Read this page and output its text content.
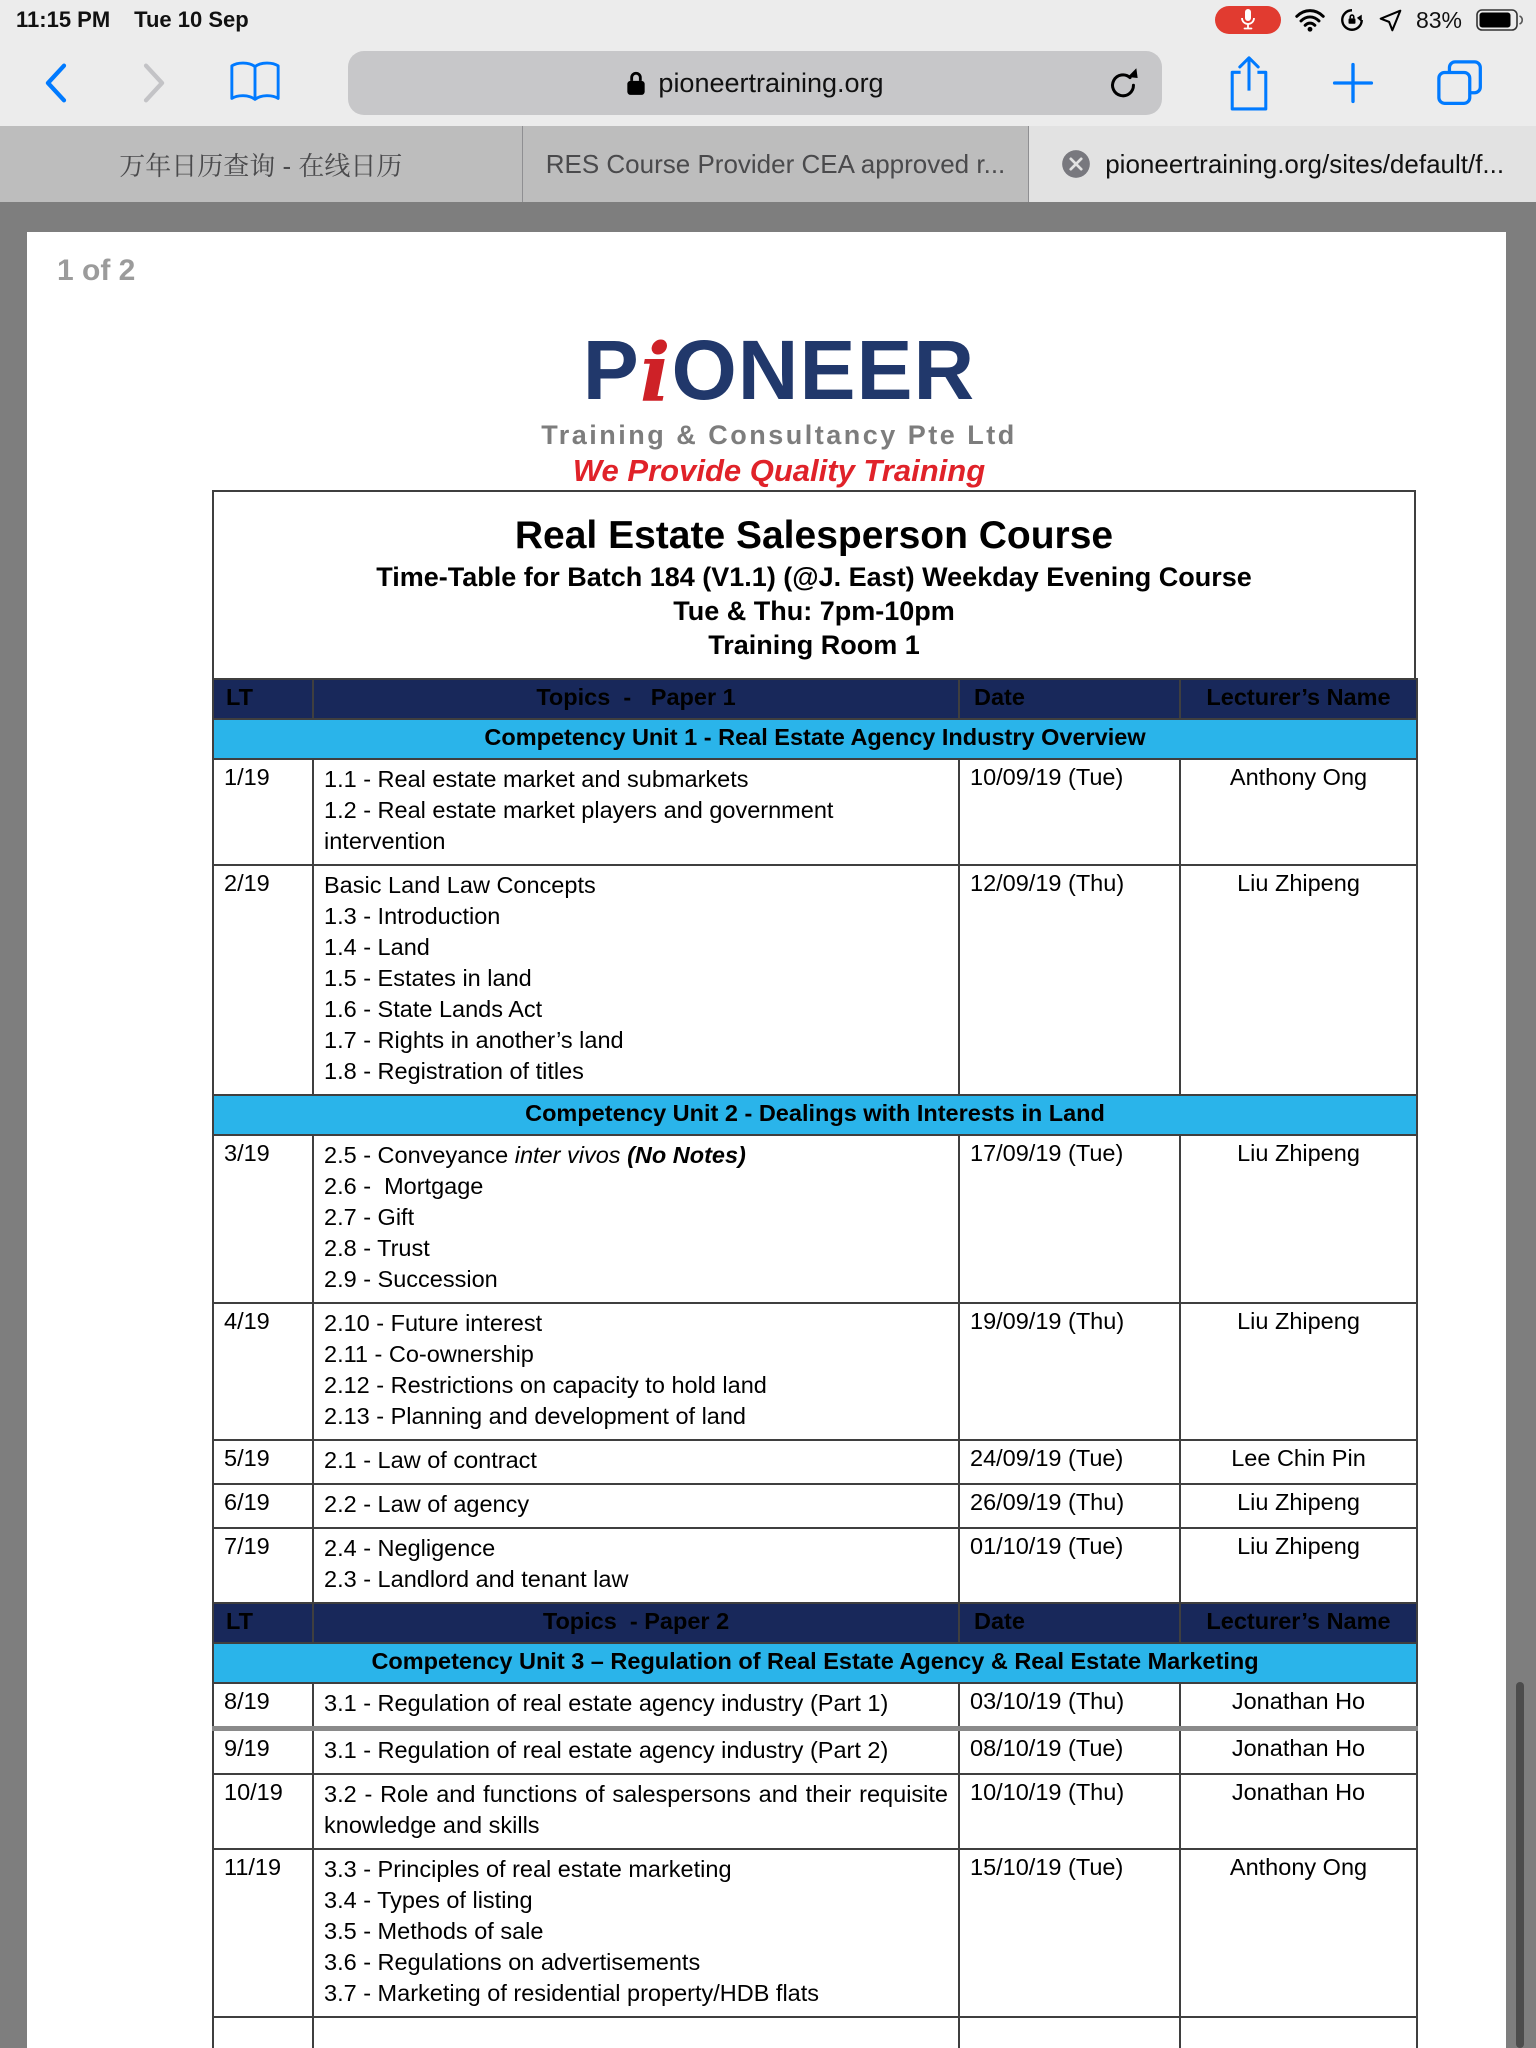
11:15 PM Tue 10 Sep	83%
pioneertraining.org
万年日历查询 - 在线日历	RES Course Provider CEA approved r...	pioneertraining.org/sites/default/f...
1 of 2
PiONEER
Training & Consultancy Pte Ltd
We Provide Quality Training
Real Estate Salesperson Course
Time-Table for Batch 184 (V1.1) (@J. East) Weekday Evening Course
Tue & Thu: 7pm-10pm
Training Room 1
LT	Topics  -   Paper 1	Date	Lecturer’s Name
Competency Unit 1 - Real Estate Agency Industry Overview			
1/19	1.1 - Real estate market and submarkets
1.2 - Real estate market players and government intervention	10/09/19 (Tue)	Anthony Ong
2/19	Basic Land Law Concepts
1.3 - Introduction
1.4 - Land
1.5 - Estates in land
1.6 - State Lands Act
1.7 - Rights in another’s land
1.8 - Registration of titles
	12/09/19 (Thu)	Liu Zhipeng
Competency Unit 2 - Dealings with Interests in Land			
3/19	2.5 - Conveyance inter vivos (No Notes)
2.6 -  Mortgage
2.7 - Gift
2.8 - Trust
2.9 - Succession	17/09/19 (Tue)	Liu Zhipeng
4/19	2.10 - Future interest
2.11 - Co-ownership
2.12 - Restrictions on capacity to hold land
2.13 - Planning and development of land	19/09/19 (Thu)	Liu Zhipeng
5/19	2.1 - Law of contract	24/09/19 (Tue)	Lee Chin Pin
6/19	2.2 - Law of agency	26/09/19 (Thu)	Liu Zhipeng
7/19	2.4 - Negligence
2.3 - Landlord and tenant law	01/10/19 (Tue)	Liu Zhipeng
LT	Topics  - Paper 2	Date	Lecturer’s Name
Competency Unit 3 – Regulation of Real Estate Agency & Real Estate Marketing			
8/19	3.1 - Regulation of real estate agency industry (Part 1)	03/10/19 (Thu)	Jonathan Ho
9/19	3.1 - Regulation of real estate agency industry (Part 2)	08/10/19 (Tue)	Jonathan Ho
10/19	3.2 - Role and functions of salespersons and their requisite knowledge and skills	10/10/19 (Thu)	Jonathan Ho
11/19	3.3 - Principles of real estate marketing
3.4 - Types of listing
3.5 - Methods of sale
3.6 - Regulations on advertisements
3.7 - Marketing of residential property/HDB flats	15/10/19 (Tue)	Anthony Ong
